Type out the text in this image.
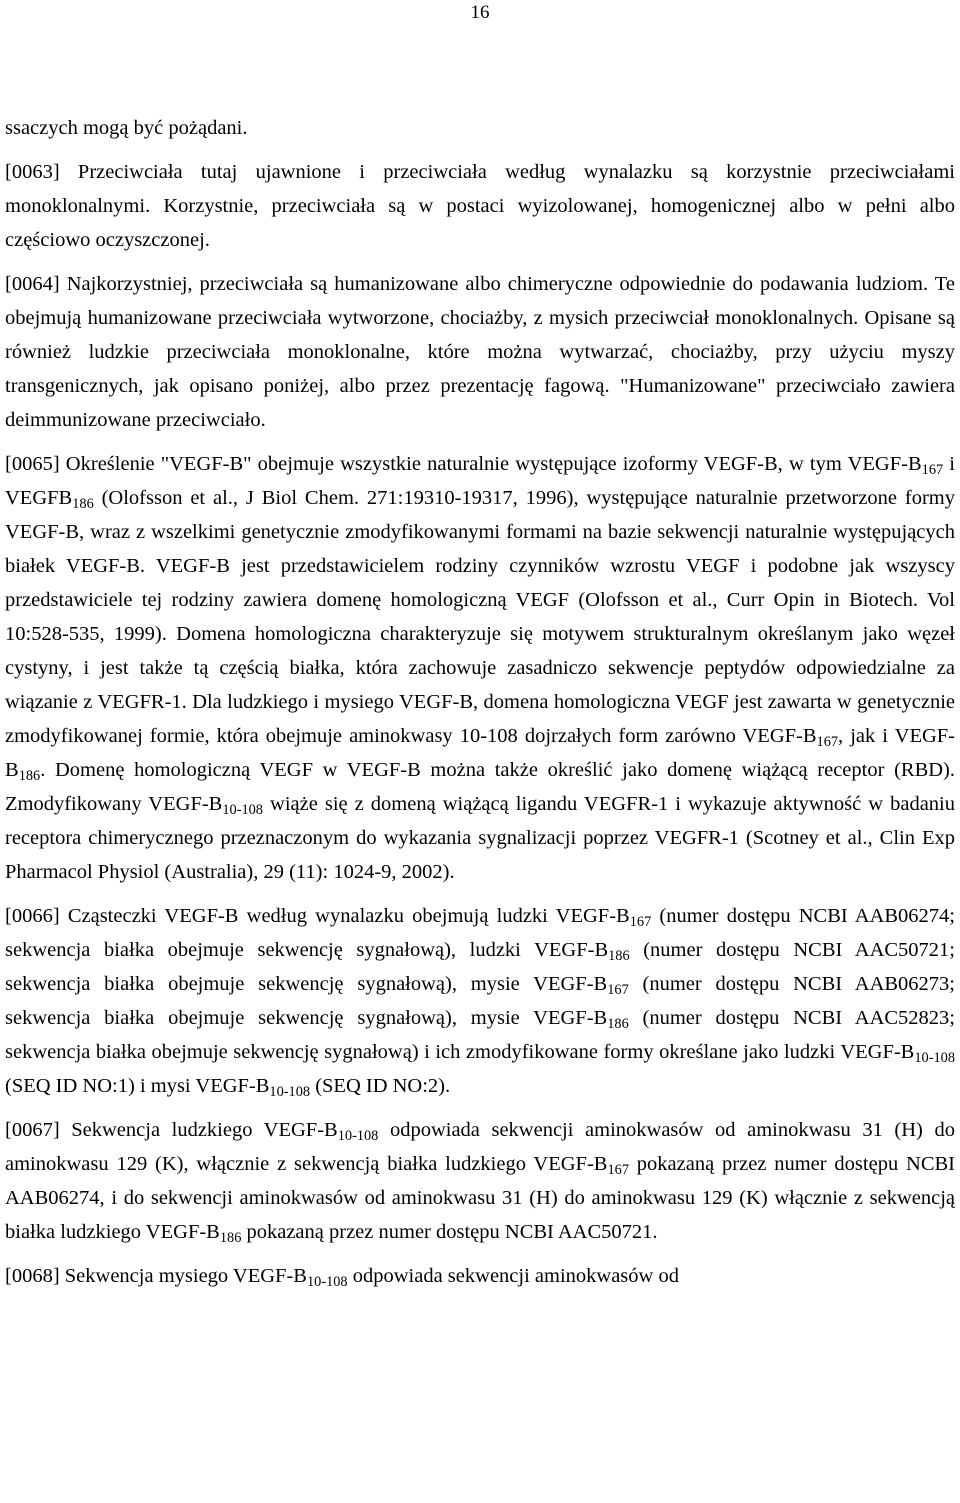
16

ssaczych mogą być pożądani.

[0063] Przeciwciała tutaj ujawnione i przeciwciała według wynalazku są korzystnie przeciwciałami monoklonalnymi. Korzystnie, przeciwciała są w postaci wyizolowanej, homogenicznej albo w pełni albo częściowo oczyszczonej.

[0064] Najkorzystniej, przeciwciała są humanizowane albo chimeryczne odpowiednie do podawania ludziom. Te obejmują humanizowane przeciwciała wytworzone, chociażby, z mysich przeciwciał monoklonalnych. Opisane są również ludzkie przeciwciała monoklonalne, które można wytwarzać, chociażby, przy użyciu myszy transgenicznych, jak opisano poniżej, albo przez prezentację fagową. "Humanizowane" przeciwciało zawiera deimmunizowane przeciwciało.

[0065] Określenie "VEGF-B" obejmuje wszystkie naturalnie występujące izoformy VEGF-B, w tym VEGF-$B_{167}$ i $VEGFB_{186}$ (Olofsson et al., J Biol Chem. 271:19310-19317, 1996), występujące naturalnie przetworzone formy VEGF-B, wraz z wszelkimi genetycznie zmodyfikowanymi formami na bazie sekwencji naturalnie występujących białek VEGF-B. VEGF-B jest przedstawicielem rodziny czynników wzrostu VEGF i podobne jak wszyscy przedstawiciele tej rodziny zawiera domenę homologiczną VEGF (Olofsson et al., Curr Opin in Biotech. Vol 10:528-535, 1999). Domena homologiczna charakteryzuje się motywem strukturalnym określanym jako węzeł cystyny, i jest także tą częścią białka, która zachowuje zasadniczo sekwencje peptydów odpowiedzialne za wiązanie z VEGFR-1. Dla ludzkiego i mysiego VEGF-B, domena homologiczna VEGF jest zawarta w genetycznie zmodyfikowanej formie, która obejmuje aminokwasy 10-108 dojrzałych form zarówno VEGF-$B_{167}$, jak i VEGF-$B_{186}$. Domenę homologiczną VEGF w VEGF-B można także określić jako domenę wiążącą receptor (RBD). Zmodyfikowany VEGF-$B_{10-108}$ wiąże się z domeną wiążącą ligandu VEGFR-1 i wykazuje aktywność w badaniu receptora chimerycznego przeznaczonym do wykazania sygnalizacji poprzez VEGFR-1 (Scotney et al., Clin Exp Pharmacol Physiol (Australia), 29 (11): 1024-9, 2002).

[0066] Cząsteczki VEGF-B według wynalazku obejmują ludzki VEGF-$B_{167}$ (numer dostępu NCBI AAB06274; sekwencja białka obejmuje sekwencję sygnałową), ludzki VEGF-$B_{186}$ (numer dostępu NCBI AAC50721; sekwencja białka obejmuje sekwencję sygnałową), mysie VEGF-$B_{167}$ (numer dostępu NCBI AAB06273; sekwencja białka obejmuje sekwencję sygnałową), mysie VEGF-$B_{186}$ (numer dostępu NCBI AAC52823; sekwencja białka obejmuje sekwencję sygnałową) i ich zmodyfikowane formy określane jako ludzki VEGF-$B_{10-108}$ (SEQ ID NO:1) i mysi VEGF-$B_{10-108}$ (SEQ ID NO:2).

[0067] Sekwencja ludzkiego VEGF-$B_{10-108}$ odpowiada sekwencji aminokwasów od aminokwasu 31 (H) do aminokwasu 129 (K), włącznie z sekwencją białka ludzkiego VEGF-$B_{167}$ pokazaną przez numer dostępu NCBI AAB06274, i do sekwencji aminokwasów od aminokwasu 31 (H) do aminokwasu 129 (K) włącznie z sekwencją białka ludzkiego VEGF-$B_{186}$ pokazaną przez numer dostępu NCBI AAC50721.

[0068] Sekwencja mysiego VEGF-$B_{10-108}$ odpowiada sekwencji aminokwasów od
